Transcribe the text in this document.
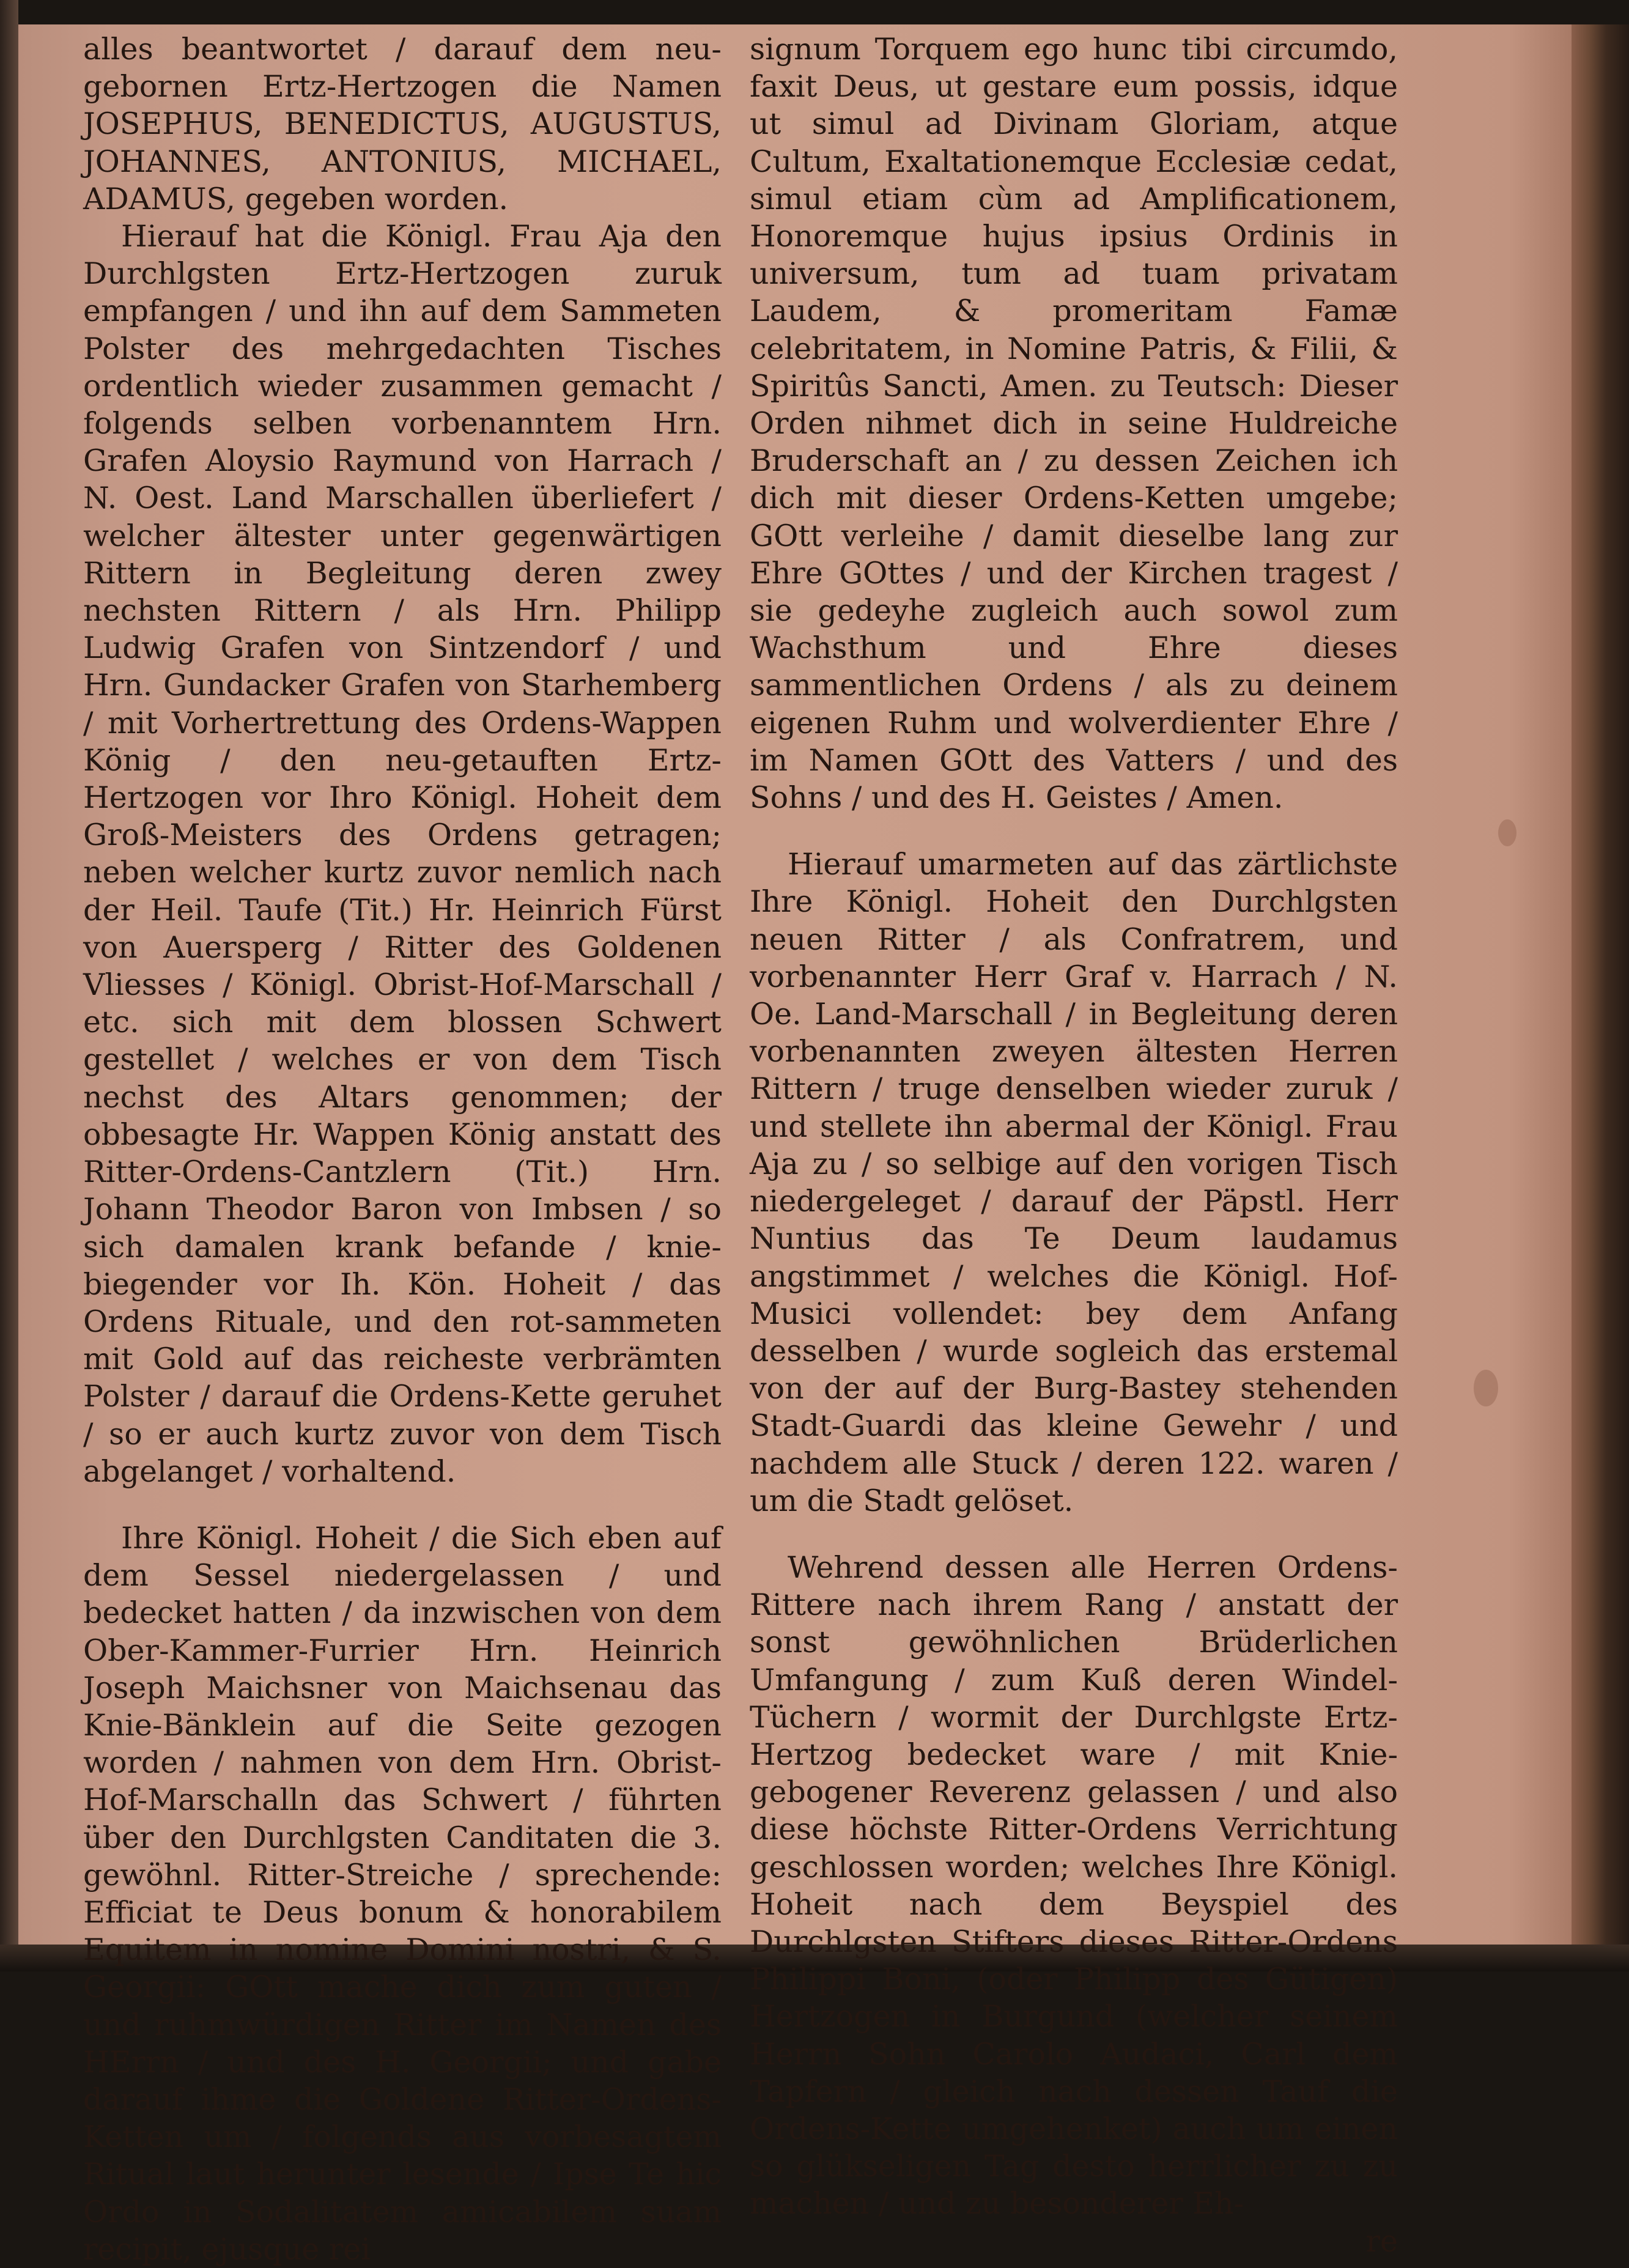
alles beantwortet / darauf dem neu-gebornen Ertz-Hertzogen die Namen JOSEPHUS, BENEDICTUS, AUGUSTUS, JOHANNES, ANTONIUS, MICHAEL, ADAMUS, gegeben worden.

Hierauf hat die Königl. Frau Aja den Durchlgsten Ertz-Hertzogen zuruk empfangen / und ihn auf dem Sammeten Polster des mehrgedachten Tisches ordentlich wieder zusammen gemacht / folgends selben vorbenanntem Hrn. Grafen Aloysio Raymund von Harrach / N. Oest. Land Marschallen überliefert / welcher ältester unter gegenwärtigen Rittern in Begleitung deren zwey nechsten Rittern / als Hrn. Philipp Ludwig Grafen von Sintzendorf / und Hrn. Gundacker Grafen von Starhemberg / mit Vorhertrettung des Ordens-Wappen König / den neu-getauften Ertz-Hertzogen vor Ihro Königl. Hoheit dem Groß-Meisters des Ordens getragen; neben welcher kurtz zuvor nemlich nach der Heil. Taufe (Tit.) Hr. Heinrich Fürst von Auersperg / Ritter des Goldenen Vliesses / Königl. Obrist-Hof-Marschall / etc. sich mit dem blossen Schwert gestellet / welches er von dem Tisch nechst des Altars genommen; der obbesagte Hr. Wappen König anstatt des Ritter-Ordens-Cantzlern (Tit.) Hrn. Johann Theodor Baron von Imbsen / so sich damalen krank befande / knie-biegender vor Ih. Kön. Hoheit / das Ordens Rituale, und den rot-sammeten mit Gold auf das reicheste verbrämten Polster / darauf die Ordens-Kette geruhet / so er auch kurtz zuvor von dem Tisch abgelanget / vorhaltend.

Ihre Königl. Hoheit / die Sich eben auf dem Sessel niedergelassen / und bedecket hatten / da inzwischen von dem Ober-Kammer-Furrier Hrn. Heinrich Joseph Maichsner von Maichsenau das Knie-Bänklein auf die Seite gezogen worden / nahmen von dem Hrn. Obrist-Hof-Marschalln das Schwert / führten über den Durchlgsten Canditaten die 3. gewöhnl. Ritter-Streiche / sprechende: Efficiat te Deus bonum & honorabilem Equitem in nomine Domini nostri, & S. Georgii: GOtt mache dich zum guten / und ruhmwürdigen Ritter im Namen des HErrn / und des H. Georgii; und gabe darauf ihme die Goldene Ritter-Ordens-Ketten um / folgends aus vorbesagtem Ritual laut herunter lesende / Ipse Te hic Ordo in Sodalitatem amicabilem suam recipit, ejusque rei

signum Torquem ego hunc tibi circumdo, faxit Deus, ut gestare eum possis, idque ut simul ad Divinam Gloriam, atque Cultum, Exaltationemque Ecclesiæ cedat, simul etiam cùm ad Amplificationem, Honoremque hujus ipsius Ordinis in universum, tum ad tuam privatam Laudem, & promeritam Famæ celebritatem, in Nomine Patris, & Filii, & Spiritûs Sancti, Amen. zu Teutsch: Dieser Orden nihmet dich in seine Huldreiche Bruderschaft an / zu dessen Zeichen ich dich mit dieser Ordens-Ketten umgebe; GOtt verleihe / damit dieselbe lang zur Ehre GOttes / und der Kirchen tragest / sie gedeyhe zugleich auch sowol zum Wachsthum und Ehre dieses sammentlichen Ordens / als zu deinem eigenen Ruhm und wolverdienter Ehre / im Namen GOtt des Vatters / und des Sohns / und des H. Geistes / Amen.

Hierauf umarmeten auf das zärtlichste Ihre Königl. Hoheit den Durchlgsten neuen Ritter / als Confratrem, und vorbenannter Herr Graf v. Harrach / N. Oe. Land-Marschall / in Begleitung deren vorbenannten zweyen ältesten Herren Rittern / truge denselben wieder zuruk / und stellete ihn abermal der Königl. Frau Aja zu / so selbige auf den vorigen Tisch niedergeleget / darauf der Päpstl. Herr Nuntius das Te Deum laudamus angstimmet / welches die Königl. Hof-Musici vollendet: bey dem Anfang desselben / wurde sogleich das erstemal von der auf der Burg-Bastey stehenden Stadt-Guardi das kleine Gewehr / und nachdem alle Stuck / deren 122. waren / um die Stadt gelöset.

Wehrend dessen alle Herren Ordens-Rittere nach ihrem Rang / anstatt der sonst gewöhnlichen Brüderlichen Umfangung / zum Kuß deren Windel-Tüchern / wormit der Durchlgste Ertz-Hertzog bedecket ware / mit Knie-gebogener Reverenz gelassen / und also diese höchste Ritter-Ordens Verrichtung geschlossen worden; welches Ihre Königl. Hoheit nach dem Beyspiel des Durchlgsten Stifters dieses Ritter-Ordens Philippi Boni, (oder Philipp des Gütigen) Hertzogen in Burgund (welcher seinem Herrn Sohn Carolo Audaci, Carl dem Tapfern / gleich nach dessen Tauf die Ordens-Kette umgehenket) auch um einen so glükseligen Tag desto herrlicher zu zu machen / und zu besonderer Eh-

re
